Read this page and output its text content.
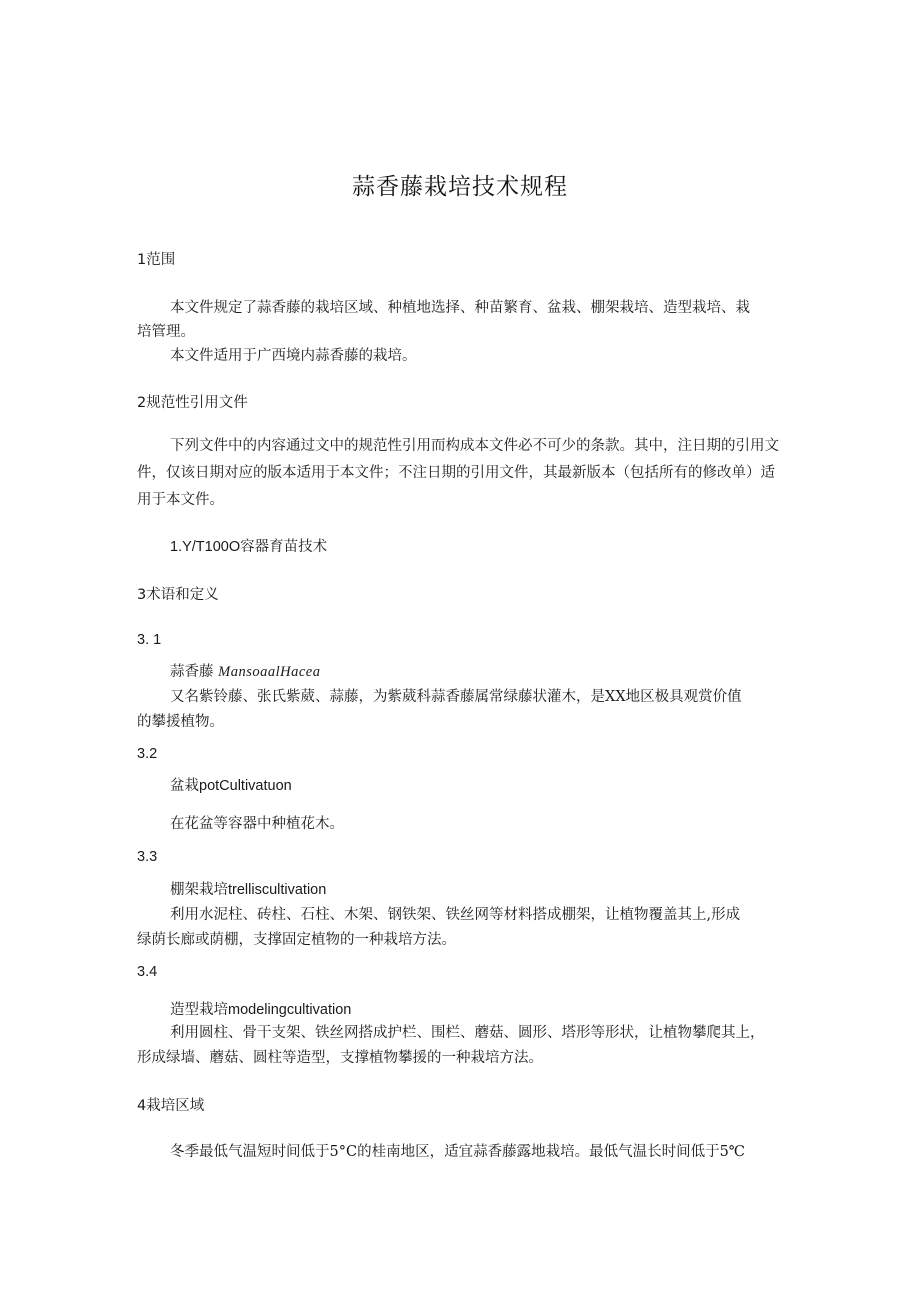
蒜香藤栽培技术规程
1范围
本文件规定了蒜香藤的栽培区域、种植地选择、种苗繁育、盆栽、棚架栽培、造型栽培、栽
培管理。
本文件适用于广西境内蒜香藤的栽培。
2规范性引用文件
下列文件中的内容通过文中的规范性引用而构成本文件必不可少的条款。其中，注日期的引用文
件，仅该日期对应的版本适用于本文件；不注日期的引用文件，其最新版本（包括所有的修改单）适
用于本文件。
1.Y/T100O容器育苗技术
3术语和定义
3. 1
蒜香藤 MansoaalHacea
又名紫铃藤、张氏紫葳、蒜藤，为紫葳科蒜香藤属常绿藤状灌木，是XX地区极具观赏价值
的攀援植物。
3.2
盆栽potCultivatuon
在花盆等容器中种植花木。
3.3
棚架栽培trelliscultivation
利用水泥柱、砖柱、石柱、木架、钢铁架、铁丝网等材料搭成棚架，让植物覆盖其上,形成
绿荫长廊或荫棚，支撑固定植物的一种栽培方法。
3.4
造型栽培modelingcultivation
利用圆柱、骨干支架、铁丝网搭成护栏、围栏、蘑菇、圆形、塔形等形状，让植物攀爬其上，
形成绿墙、蘑菇、圆柱等造型，支撑植物攀援的一种栽培方法。
4栽培区域
冬季最低气温短时间低于5°C的桂南地区，适宜蒜香藤露地栽培。最低气温长时间低于5℃
